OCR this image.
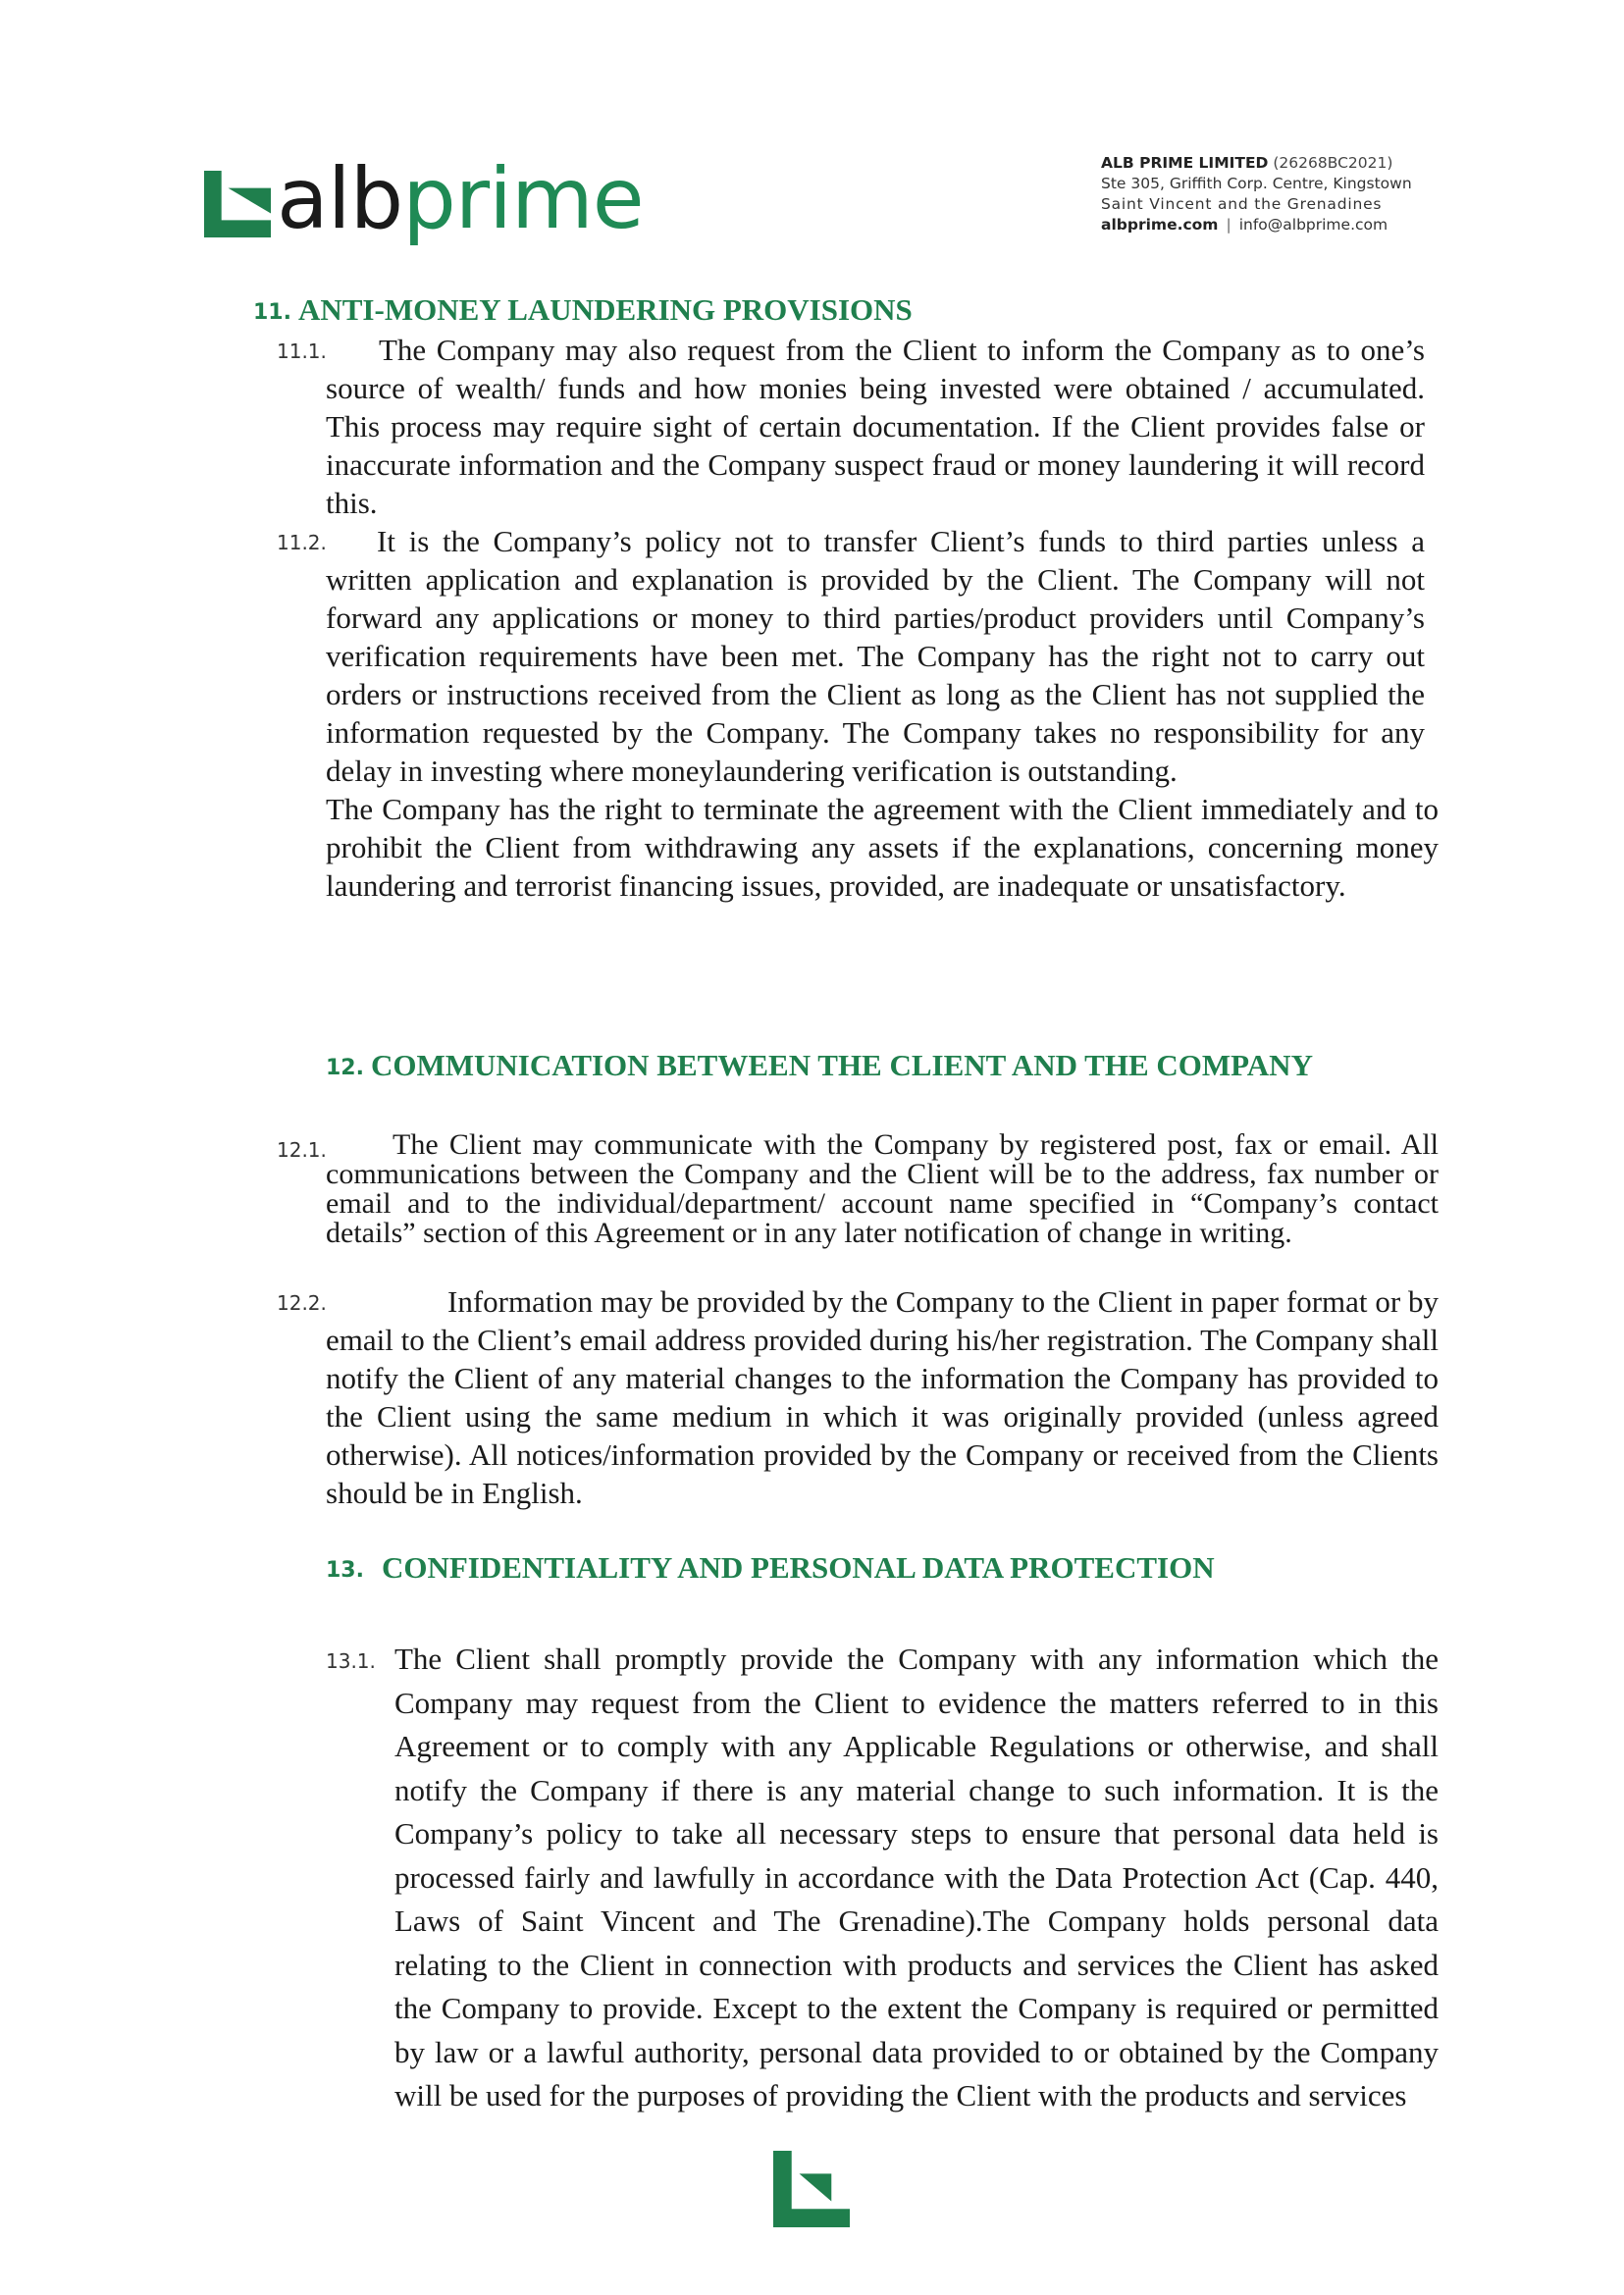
albprime	ALB PRIME LIMITED (26268BC2021)
Ste 305, Griffith Corp. Centre, Kingstown
Saint Vincent and the Grenadines
albprime.com | info@albprime.com
11. ANTI-MONEY LAUNDERING PROVISIONS
11.1.	The Company may also request from the Client to inform the Company as to one’s source of wealth/ funds and how monies being invested were obtained / accumulated. This process may require sight of certain documentation. If the Client provides false or inaccurate information and the Company suspect fraud or money laundering it will record this.
11.2.	It is the Company’s policy not to transfer Client’s funds to third parties unless a written application and explanation is provided by the Client. The Company will not forward any applications or money to third parties/product providers until Company’s verification requirements have been met. The Company has the right not to carry out orders or instructions received from the Client as long as the Client has not supplied the information requested by the Company. The Company takes no responsibility for any delay in investing where moneylaundering verification is outstanding.
The Company has the right to terminate the agreement with the Client immediately and to prohibit the Client from withdrawing any assets if the explanations, concerning money laundering and terrorist financing issues, provided, are inadequate or unsatisfactory.
12. COMMUNICATION BETWEEN THE CLIENT AND THE COMPANY
12.1.	The Client may communicate with the Company by registered post, fax or email. All communications between the Company and the Client will be to the address, fax number or email and to the individual/department/ account name specified in “Company’s contact details” section of this Agreement or in any later notification of change in writing.
12.2.	Information may be provided by the Company to the Client in paper format or by email to the Client’s email address provided during his/her registration. The Company shall notify the Client of any material changes to the information the Company has provided to the Client using the same medium in which it was originally provided (unless agreed otherwise). All notices/information provided by the Company or received from the Clients should be in English.
13. CONFIDENTIALITY AND PERSONAL DATA PROTECTION
13.1. The Client shall promptly provide the Company with any information which the Company may request from the Client to evidence the matters referred to in this Agreement or to comply with any Applicable Regulations or otherwise, and shall notify the Company if there is any material change to such information. It is the Company’s policy to take all necessary steps to ensure that personal data held is processed fairly and lawfully in accordance with the Data Protection Act (Cap. 440, Laws of Saint Vincent and The Grenadine).The Company holds personal data relating to the Client in connection with products and services the Client has asked the Company to provide. Except to the extent the Company is required or permitted by law or a lawful authority, personal data provided to or obtained by the Company will be used for the purposes of providing the Client with the products and services
